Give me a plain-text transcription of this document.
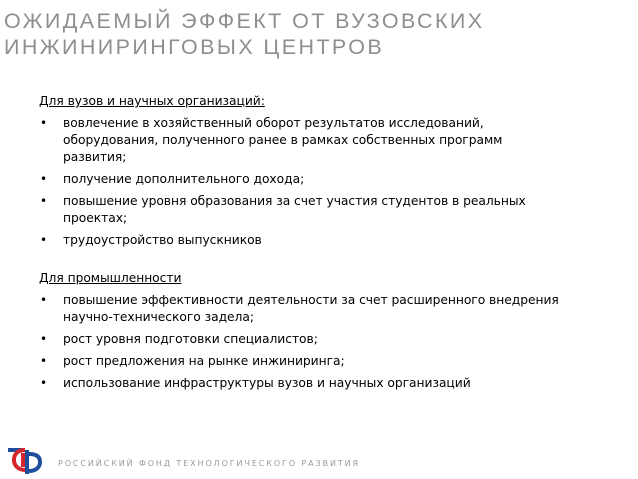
ОЖИДАЕМЫЙ ЭФФЕКТ ОТ ВУЗОВСКИХ
ИНЖИНИРИНГОВЫХ ЦЕНТРОВ
Для вузов и научных организаций:
• вовлечение в хозяйственный оборот результатов исследований,
оборудования, полученного ранее в рамках собственных программ
развития;
• получение дополнительного дохода;
• повышение уровня образования за счет участия студентов в реальных
проектах;
• трудоустройство выпускников
Для промышленности
• повышение эффективности деятельности за счет расширенного внедрения
научно-технического задела;
• рост уровня подготовки специалистов;
• рост предложения на рынке инжиниринга;
• использование инфраструктуры вузов и научных организаций
РОССИЙСКИЙ ФОНД ТЕХНОЛОГИЧЕСКОГО РАЗВИТИЯ
